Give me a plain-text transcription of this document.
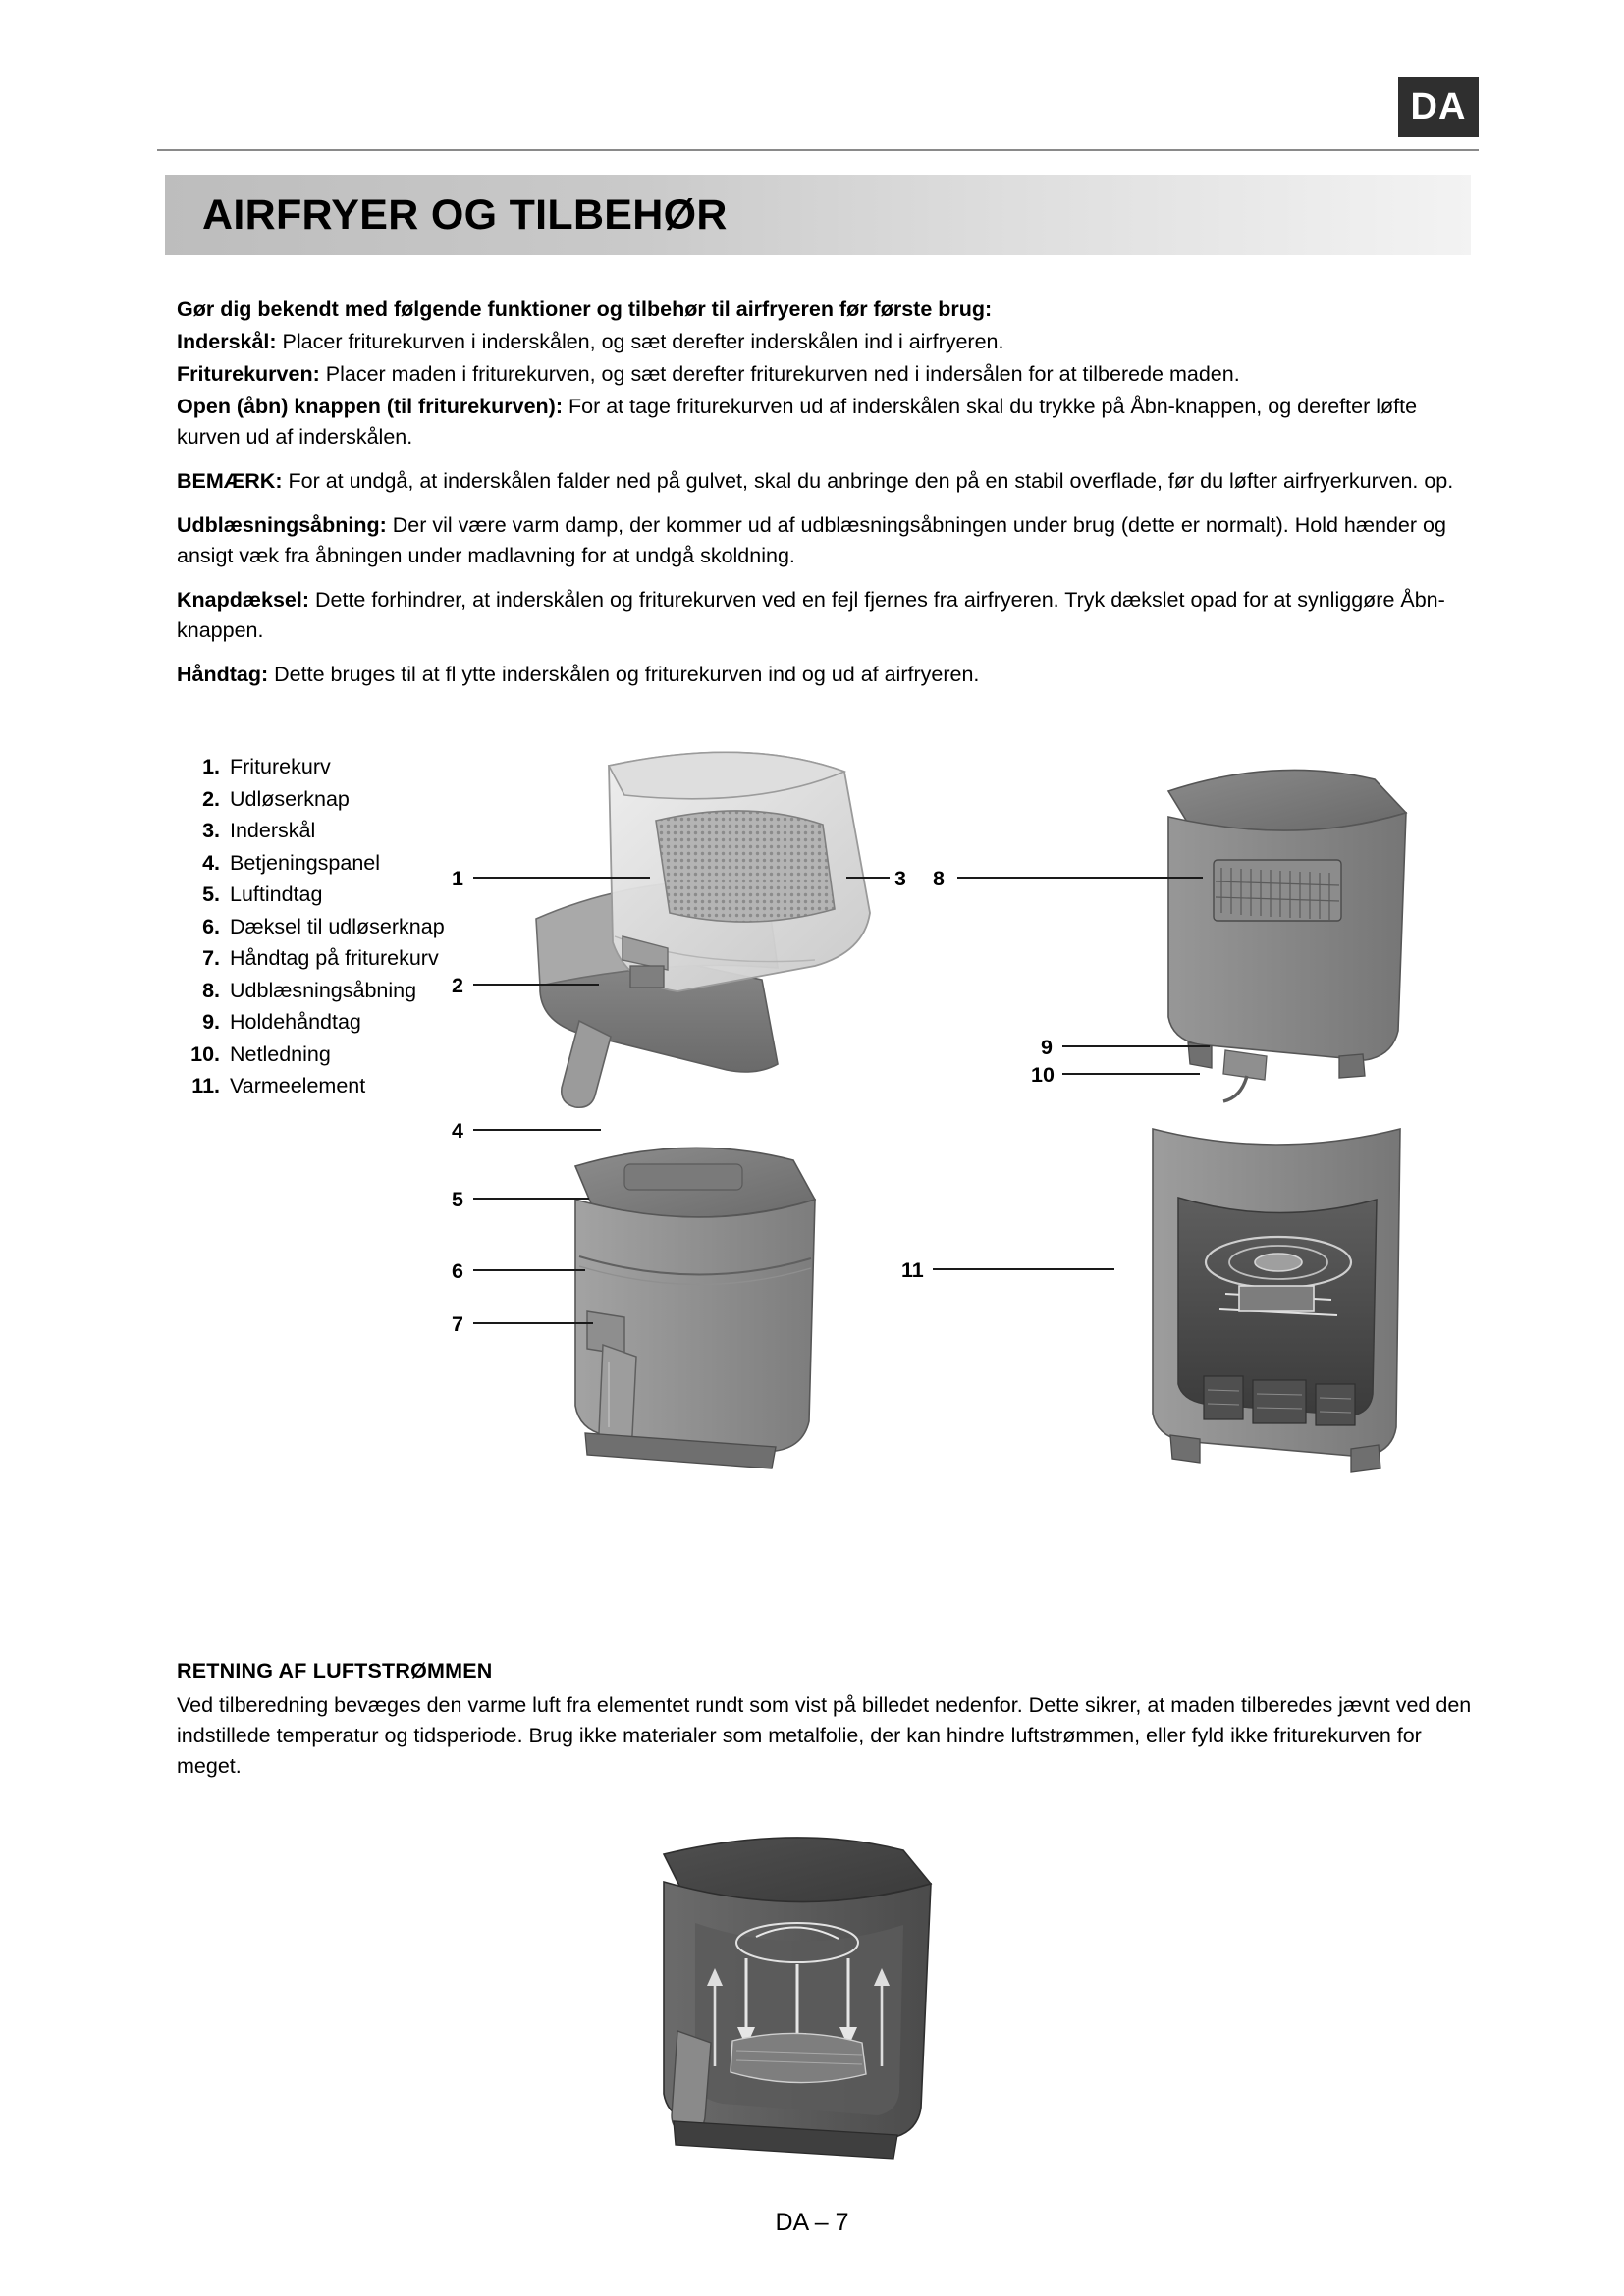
DA
AIRFRYER OG TILBEHØR

Gør dig bekendt med følgende funktioner og tilbehør til airfryeren før første brug:

Inderskål: Placer friturekurven i inderskålen, og sæt derefter inderskålen ind i airfryeren.

Friturekurven: Placer maden i friturekurven, og sæt derefter friturekurven ned i indersålen for at tilberede maden.

Open (åbn) knappen (til friturekurven): For at tage friturekurven ud af inderskålen skal du trykke på Åbn-knappen, og derefter løfte kurven ud af inderskålen.

BEMÆRK: For at undgå, at inderskålen falder ned på gulvet, skal du anbringe den på en stabil overflade, før du løfter airfryerkurven. op.

Udblæsningsåbning: Der vil være varm damp, der kommer ud af udblæsningsåbningen under brug (dette er normalt). Hold hænder og ansigt væk fra åbningen under madlavning for at undgå skoldning.

Knapdæksel: Dette forhindrer, at inderskålen og friturekurven ved en fejl fjernes fra airfryeren. Tryk dækslet opad for at synliggøre Åbn-knappen.

Håndtag: Dette bruges til at fl ytte inderskålen og friturekurven ind og ud af airfryeren.

1. Friturekurv
2. Udløserknap
3. Inderskål
4. Betjeningspanel
5. Luftindtag
6. Dæksel til udløserknap
7. Håndtag på friturekurv
8. Udblæsningsåbning
9. Holdehåndtag
10. Netledning
11. Varmeelement
1
2
3 8
9
10
4
5
6
7
11
RETNING AF LUFTSTRØMMEN
Ved tilberedning bevæges den varme luft fra elementet rundt som vist på billedet nedenfor. Dette sikrer, at maden tilberedes jævnt ved den indstillede temperatur og tidsperiode. Brug ikke materialer som metalfolie, der kan hindre luftstrømmen, eller fyld ikke friturekurven for meget.
DA – 7
